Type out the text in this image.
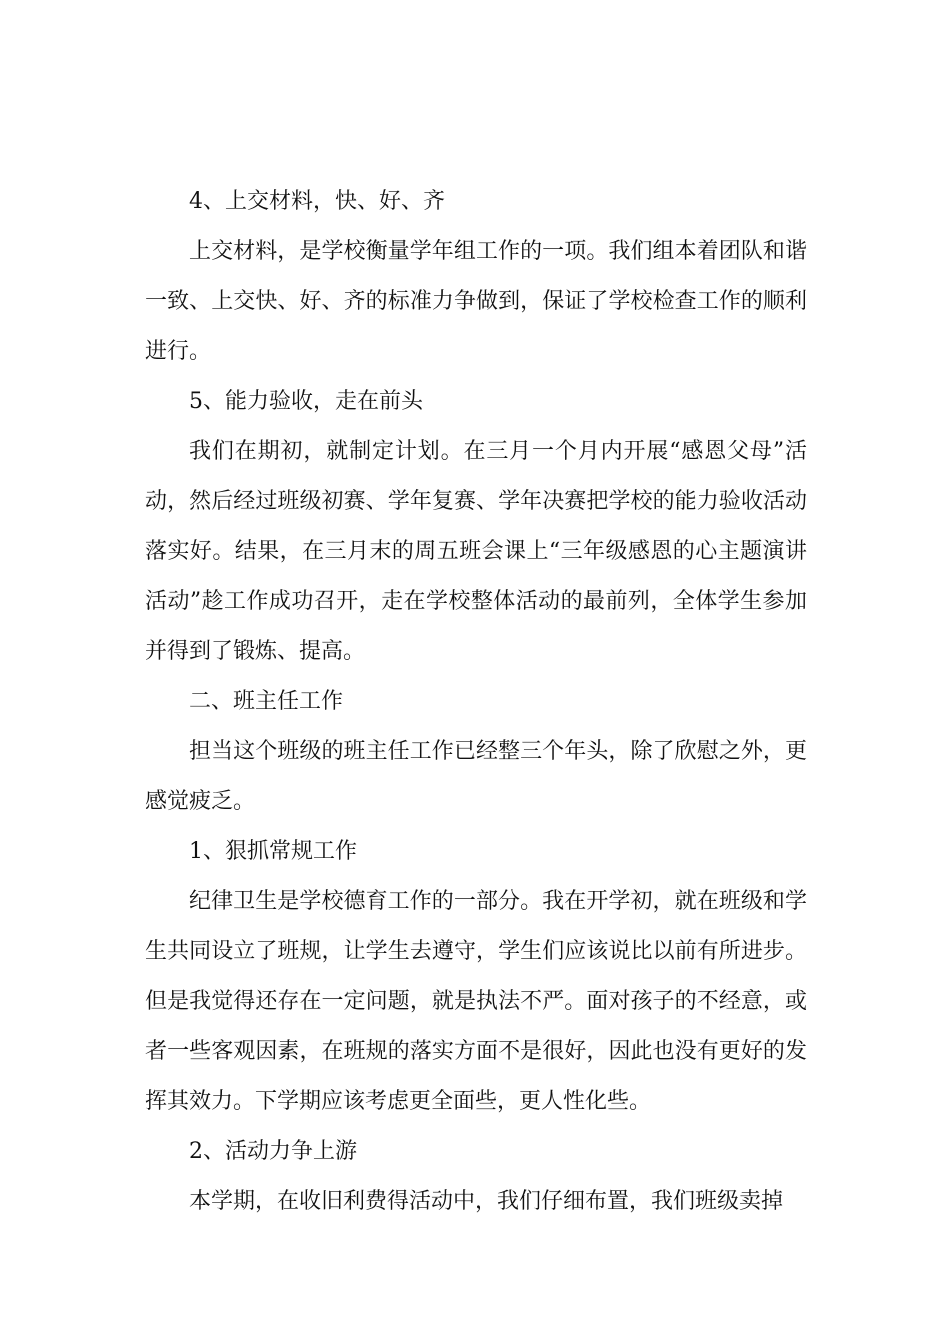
4、上交材料，快、好、齐

上交材料，是学校衡量学年组工作的一项。我们组本着团队和谐一致、上交快、好、齐的标准力争做到，保证了学校检查工作的顺利进行。

5、能力验收，走在前头

我们在期初，就制定计划。在三月一个月内开展“感恩父母”活动，然后经过班级初赛、学年复赛、学年决赛把学校的能力验收活动落实好。结果，在三月末的周五班会课上“三年级感恩的心主题演讲活动”趁工作成功召开，走在学校整体活动的最前列，全体学生参加并得到了锻炼、提高。

二、班主任工作

担当这个班级的班主任工作已经整三个年头，除了欣慰之外，更感觉疲乏。

1、狠抓常规工作

纪律卫生是学校德育工作的一部分。我在开学初，就在班级和学生共同设立了班规，让学生去遵守，学生们应该说比以前有所进步。但是我觉得还存在一定问题，就是执法不严。面对孩子的不经意，或者一些客观因素，在班规的落实方面不是很好，因此也没有更好的发挥其效力。下学期应该考虑更全面些，更人性化些。

2、活动力争上游

本学期，在收旧利费得活动中，我们仔细布置，我们班级卖掉
